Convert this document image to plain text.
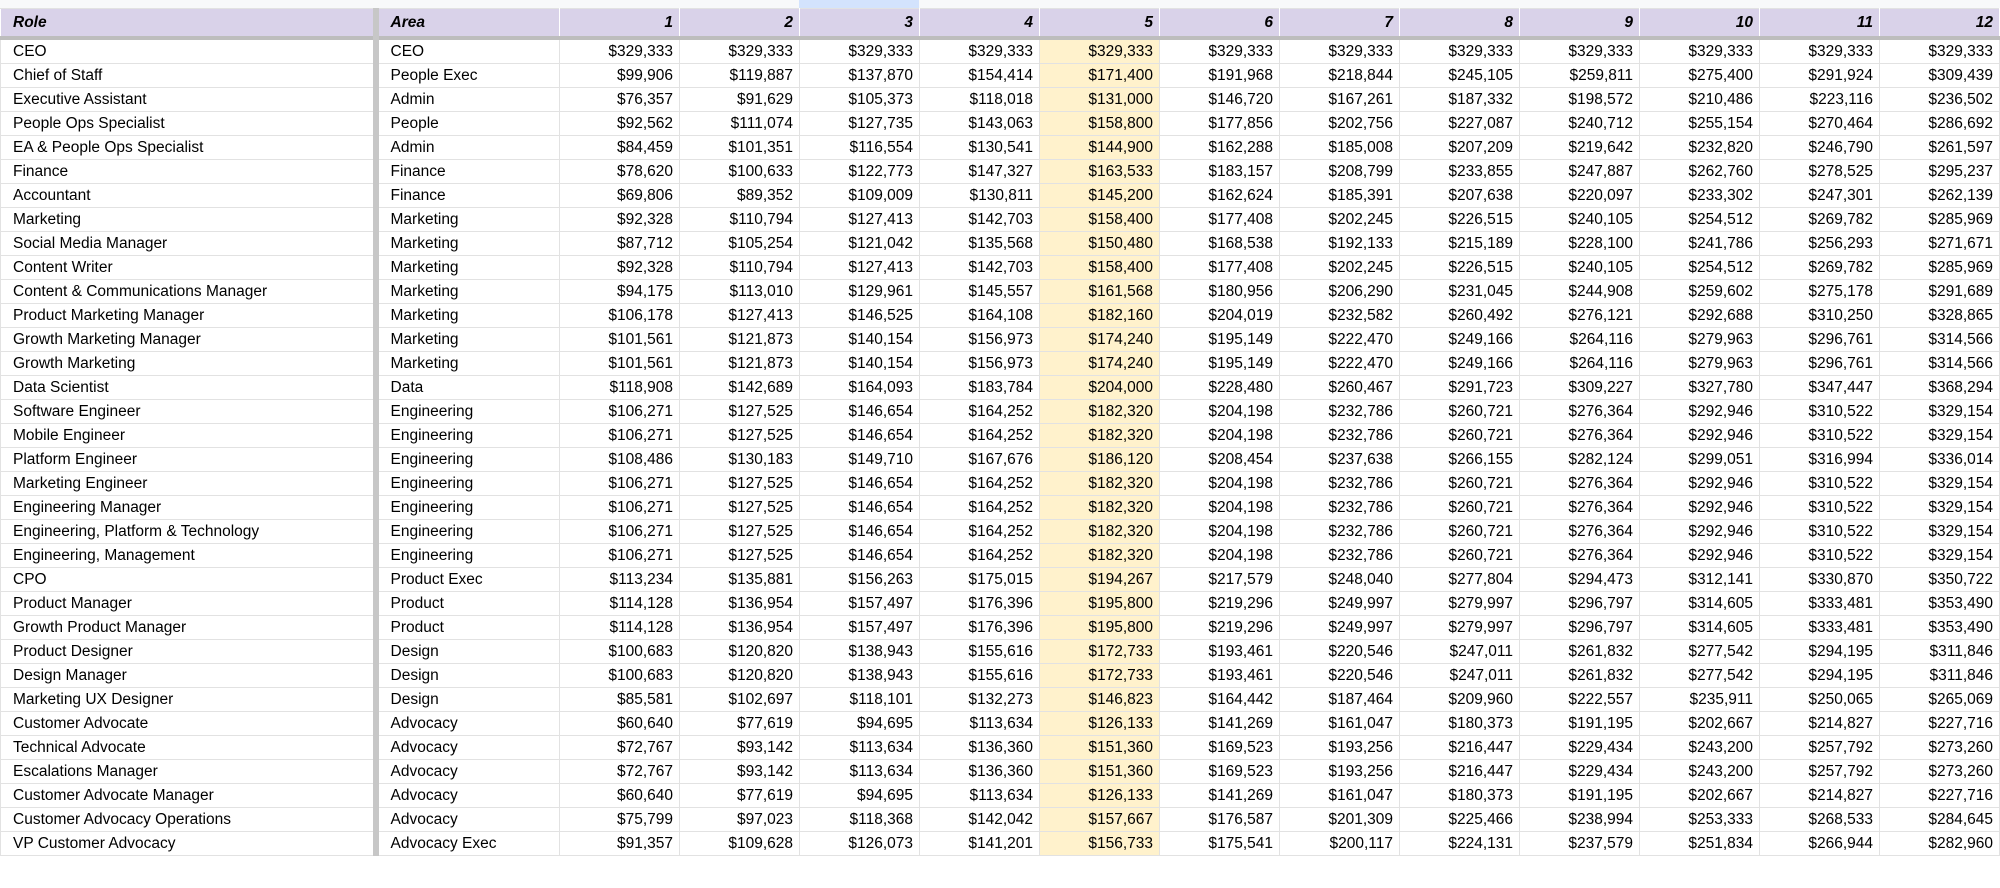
Role	Area	1	2	3	4	5	6	7	8	9	10	11	12
CEO	CEO	$329,333	$329,333	$329,333	$329,333	$329,333	$329,333	$329,333	$329,333	$329,333	$329,333	$329,333	$329,333
Chief of Staff	People Exec	$99,906	$119,887	$137,870	$154,414	$171,400	$191,968	$218,844	$245,105	$259,811	$275,400	$291,924	$309,439
Executive Assistant	Admin	$76,357	$91,629	$105,373	$118,018	$131,000	$146,720	$167,261	$187,332	$198,572	$210,486	$223,116	$236,502
People Ops Specialist	People	$92,562	$111,074	$127,735	$143,063	$158,800	$177,856	$202,756	$227,087	$240,712	$255,154	$270,464	$286,692
EA & People Ops Specialist	Admin	$84,459	$101,351	$116,554	$130,541	$144,900	$162,288	$185,008	$207,209	$219,642	$232,820	$246,790	$261,597
Finance	Finance	$78,620	$100,633	$122,773	$147,327	$163,533	$183,157	$208,799	$233,855	$247,887	$262,760	$278,525	$295,237
Accountant	Finance	$69,806	$89,352	$109,009	$130,811	$145,200	$162,624	$185,391	$207,638	$220,097	$233,302	$247,301	$262,139
Marketing	Marketing	$92,328	$110,794	$127,413	$142,703	$158,400	$177,408	$202,245	$226,515	$240,105	$254,512	$269,782	$285,969
Social Media Manager	Marketing	$87,712	$105,254	$121,042	$135,568	$150,480	$168,538	$192,133	$215,189	$228,100	$241,786	$256,293	$271,671
Content Writer	Marketing	$92,328	$110,794	$127,413	$142,703	$158,400	$177,408	$202,245	$226,515	$240,105	$254,512	$269,782	$285,969
Content & Communications Manager	Marketing	$94,175	$113,010	$129,961	$145,557	$161,568	$180,956	$206,290	$231,045	$244,908	$259,602	$275,178	$291,689
Product Marketing Manager	Marketing	$106,178	$127,413	$146,525	$164,108	$182,160	$204,019	$232,582	$260,492	$276,121	$292,688	$310,250	$328,865
Growth Marketing Manager	Marketing	$101,561	$121,873	$140,154	$156,973	$174,240	$195,149	$222,470	$249,166	$264,116	$279,963	$296,761	$314,566
Growth Marketing	Marketing	$101,561	$121,873	$140,154	$156,973	$174,240	$195,149	$222,470	$249,166	$264,116	$279,963	$296,761	$314,566
Data Scientist	Data	$118,908	$142,689	$164,093	$183,784	$204,000	$228,480	$260,467	$291,723	$309,227	$327,780	$347,447	$368,294
Software Engineer	Engineering	$106,271	$127,525	$146,654	$164,252	$182,320	$204,198	$232,786	$260,721	$276,364	$292,946	$310,522	$329,154
Mobile Engineer	Engineering	$106,271	$127,525	$146,654	$164,252	$182,320	$204,198	$232,786	$260,721	$276,364	$292,946	$310,522	$329,154
Platform Engineer	Engineering	$108,486	$130,183	$149,710	$167,676	$186,120	$208,454	$237,638	$266,155	$282,124	$299,051	$316,994	$336,014
Marketing Engineer	Engineering	$106,271	$127,525	$146,654	$164,252	$182,320	$204,198	$232,786	$260,721	$276,364	$292,946	$310,522	$329,154
Engineering Manager	Engineering	$106,271	$127,525	$146,654	$164,252	$182,320	$204,198	$232,786	$260,721	$276,364	$292,946	$310,522	$329,154
Engineering, Platform & Technology	Engineering	$106,271	$127,525	$146,654	$164,252	$182,320	$204,198	$232,786	$260,721	$276,364	$292,946	$310,522	$329,154
Engineering, Management	Engineering	$106,271	$127,525	$146,654	$164,252	$182,320	$204,198	$232,786	$260,721	$276,364	$292,946	$310,522	$329,154
CPO	Product Exec	$113,234	$135,881	$156,263	$175,015	$194,267	$217,579	$248,040	$277,804	$294,473	$312,141	$330,870	$350,722
Product Manager	Product	$114,128	$136,954	$157,497	$176,396	$195,800	$219,296	$249,997	$279,997	$296,797	$314,605	$333,481	$353,490
Growth Product Manager	Product	$114,128	$136,954	$157,497	$176,396	$195,800	$219,296	$249,997	$279,997	$296,797	$314,605	$333,481	$353,490
Product Designer	Design	$100,683	$120,820	$138,943	$155,616	$172,733	$193,461	$220,546	$247,011	$261,832	$277,542	$294,195	$311,846
Design Manager	Design	$100,683	$120,820	$138,943	$155,616	$172,733	$193,461	$220,546	$247,011	$261,832	$277,542	$294,195	$311,846
Marketing UX Designer	Design	$85,581	$102,697	$118,101	$132,273	$146,823	$164,442	$187,464	$209,960	$222,557	$235,911	$250,065	$265,069
Customer Advocate	Advocacy	$60,640	$77,619	$94,695	$113,634	$126,133	$141,269	$161,047	$180,373	$191,195	$202,667	$214,827	$227,716
Technical Advocate	Advocacy	$72,767	$93,142	$113,634	$136,360	$151,360	$169,523	$193,256	$216,447	$229,434	$243,200	$257,792	$273,260
Escalations Manager	Advocacy	$72,767	$93,142	$113,634	$136,360	$151,360	$169,523	$193,256	$216,447	$229,434	$243,200	$257,792	$273,260
Customer Advocate Manager	Advocacy	$60,640	$77,619	$94,695	$113,634	$126,133	$141,269	$161,047	$180,373	$191,195	$202,667	$214,827	$227,716
Customer Advocacy Operations	Advocacy	$75,799	$97,023	$118,368	$142,042	$157,667	$176,587	$201,309	$225,466	$238,994	$253,333	$268,533	$284,645
VP Customer Advocacy	Advocacy Exec	$91,357	$109,628	$126,073	$141,201	$156,733	$175,541	$200,117	$224,131	$237,579	$251,834	$266,944	$282,960
